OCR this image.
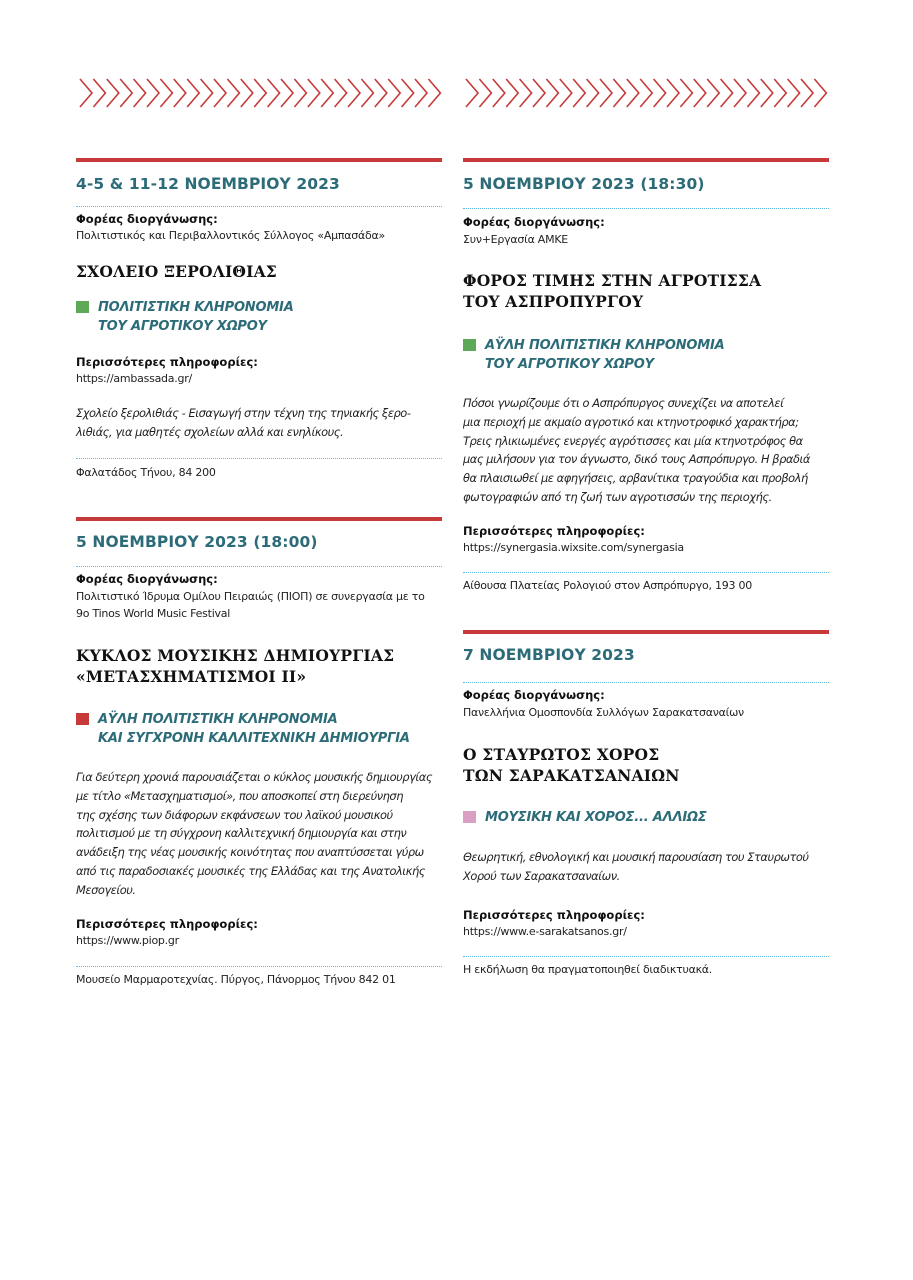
4-5 & 11-12 ΝΟΕΜΒΡΙΟΥ 2023
Φορέας διοργάνωσης:
Πολιτιστικός και Περιβαλλοντικός Σύλλογος «Αμπασάδα»
ΣΧΟΛΕΙΟ ΞΕΡΟΛΙΘΙΑΣ
ΠΟΛΙΤΙΣΤΙΚΗ ΚΛΗΡΟΝΟΜΙΑ
ΤΟΥ ΑΓΡΟΤΙΚΟΥ ΧΩΡΟΥ
Περισσότερες πληροφορίες:
https://ambassada.gr/
Σχολείο ξερολιθιάς - Εισαγωγή στην τέχνη της τηνιακής ξερο-
λιθιάς, για μαθητές σχολείων αλλά και ενηλίκους.
Φαλατάδος Τήνου, 84 200
5 ΝΟΕΜΒΡΙΟΥ 2023 (18:00)
Φορέας διοργάνωσης:
Πολιτιστικό Ίδρυμα Ομίλου Πειραιώς (ΠΙΟΠ) σε συνεργασία με το
9ο Tinos World Music Festival
ΚΥΚΛΟΣ ΜΟΥΣΙΚΗΣ ΔΗΜΙΟΥΡΓΙΑΣ
«ΜΕΤΑΣΧΗΜΑΤΙΣΜΟΙ ΙΙ»
ΑΫΛΗ ΠΟΛΙΤΙΣΤΙΚΗ ΚΛΗΡΟΝΟΜΙΑ
ΚΑΙ ΣΥΓΧΡΟΝΗ ΚΑΛΛΙΤΕΧΝΙΚΗ ΔΗΜΙΟΥΡΓΙΑ
Για δεύτερη χρονιά παρουσιάζεται ο κύκλος μουσικής δημιουργίας
με τίτλο «Μετασχηματισμοί», που αποσκοπεί στη διερεύνηση
της σχέσης των διάφορων εκφάνσεων του λαϊκού μουσικού
πολιτισμού με τη σύγχρονη καλλιτεχνική δημιουργία και στην
ανάδειξη της νέας μουσικής κοινότητας που αναπτύσσεται γύρω
από τις παραδοσιακές μουσικές της Ελλάδας και της Ανατολικής
Μεσογείου.
Περισσότερες πληροφορίες:
https://www.piop.gr
Μουσείο Μαρμαροτεχνίας. Πύργος, Πάνορμος Τήνου 842 01
5 ΝΟΕΜΒΡΙΟΥ 2023 (18:30)
Φορέας διοργάνωσης:
Συν+Εργασία ΑΜΚΕ
ΦΟΡΟΣ ΤΙΜΗΣ ΣΤΗΝ ΑΓΡΟΤΙΣΣΑ
ΤΟΥ ΑΣΠΡΟΠΥΡΓΟΥ
ΑΫΛΗ ΠΟΛΙΤΙΣΤΙΚΗ ΚΛΗΡΟΝΟΜΙΑ
ΤΟΥ ΑΓΡΟΤΙΚΟΥ ΧΩΡΟΥ
Πόσοι γνωρίζουμε ότι ο Ασπρόπυργος συνεχίζει να αποτελεί
μια περιοχή με ακμαίο αγροτικό και κτηνοτροφικό χαρακτήρα;
Τρεις ηλικιωμένες ενεργές αγρότισσες και μία κτηνοτρόφος θα
μας μιλήσουν για τον άγνωστο, δικό τους Ασπρόπυργο. Η βραδιά
θα πλαισιωθεί με αφηγήσεις, αρβανίτικα τραγούδια και προβολή
φωτογραφιών από τη ζωή των αγροτισσών της περιοχής.
Περισσότερες πληροφορίες:
https://synergasia.wixsite.com/synergasia
Αίθουσα Πλατείας Ρολογιού στον Ασπρόπυργο, 193 00
7 ΝΟΕΜΒΡΙΟΥ 2023
Φορέας διοργάνωσης:
Πανελλήνια Ομοσπονδία Συλλόγων Σαρακατσαναίων
Ο ΣΤΑΥΡΩΤΟΣ ΧΟΡΟΣ
ΤΩΝ ΣΑΡΑΚΑΤΣΑΝΑΙΩΝ
ΜΟΥΣΙΚΗ ΚΑΙ ΧΟΡΟΣ... ΑΛΛΙΩΣ
Θεωρητική, εθνολογική και μουσική παρουσίαση του Σταυρωτού
Χορού των Σαρακατσαναίων.
Περισσότερες πληροφορίες:
https://www.e-sarakatsanos.gr/
Η εκδήλωση θα πραγματοποιηθεί διαδικτυακά.
